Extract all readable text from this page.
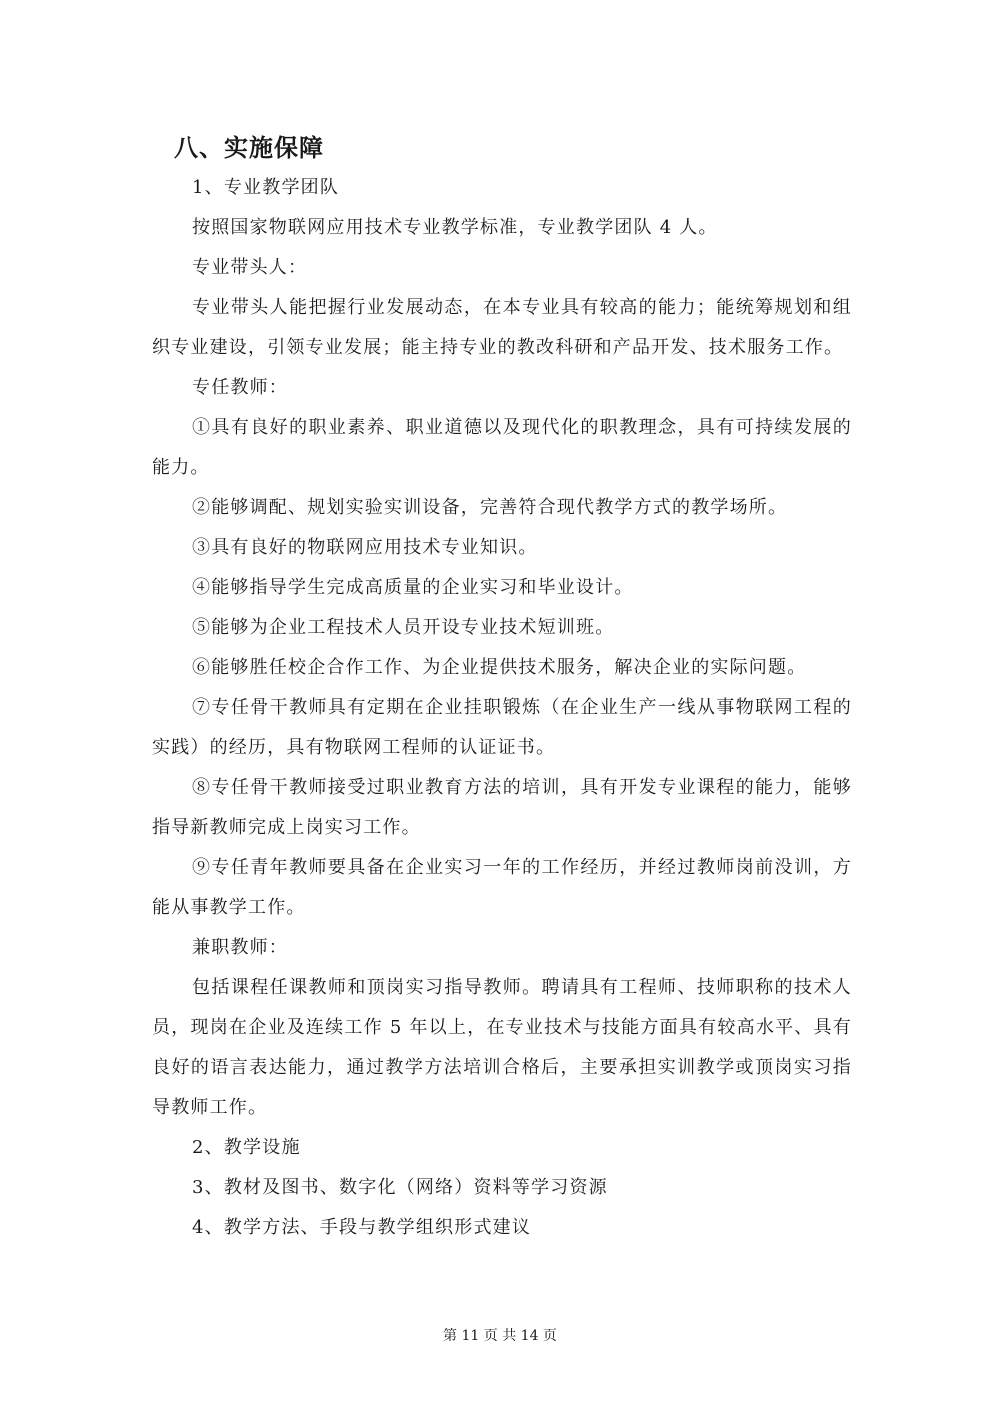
八、实施保障

1、专业教学团队

按照国家物联网应用技术专业教学标准，专业教学团队 4 人。

专业带头人：

专业带头人能把握行业发展动态，在本专业具有较高的能力；能统筹规划和组织专业建设，引领专业发展；能主持专业的教改科研和产品开发、技术服务工作。

专任教师：

①具有良好的职业素养、职业道德以及现代化的职教理念，具有可持续发展的能力。

②能够调配、规划实验实训设备，完善符合现代教学方式的教学场所。

③具有良好的物联网应用技术专业知识。

④能够指导学生完成高质量的企业实习和毕业设计。

⑤能够为企业工程技术人员开设专业技术短训班。

⑥能够胜任校企合作工作、为企业提供技术服务，解决企业的实际问题。

⑦专任骨干教师具有定期在企业挂职锻炼（在企业生产一线从事物联网工程的实践）的经历，具有物联网工程师的认证证书。

⑧专任骨干教师接受过职业教育方法的培训，具有开发专业课程的能力，能够指导新教师完成上岗实习工作。

⑨专任青年教师要具备在企业实习一年的工作经历，并经过教师岗前没训，方能从事教学工作。

兼职教师：

包括课程任课教师和顶岗实习指导教师。聘请具有工程师、技师职称的技术人员，现岗在企业及连续工作 5 年以上，在专业技术与技能方面具有较高水平、具有良好的语言表达能力，通过教学方法培训合格后，主要承担实训教学或顶岗实习指导教师工作。

2、教学设施

3、教材及图书、数字化（网络）资料等学习资源

4、教学方法、手段与教学组织形式建议

第 11 页 共 14 页
